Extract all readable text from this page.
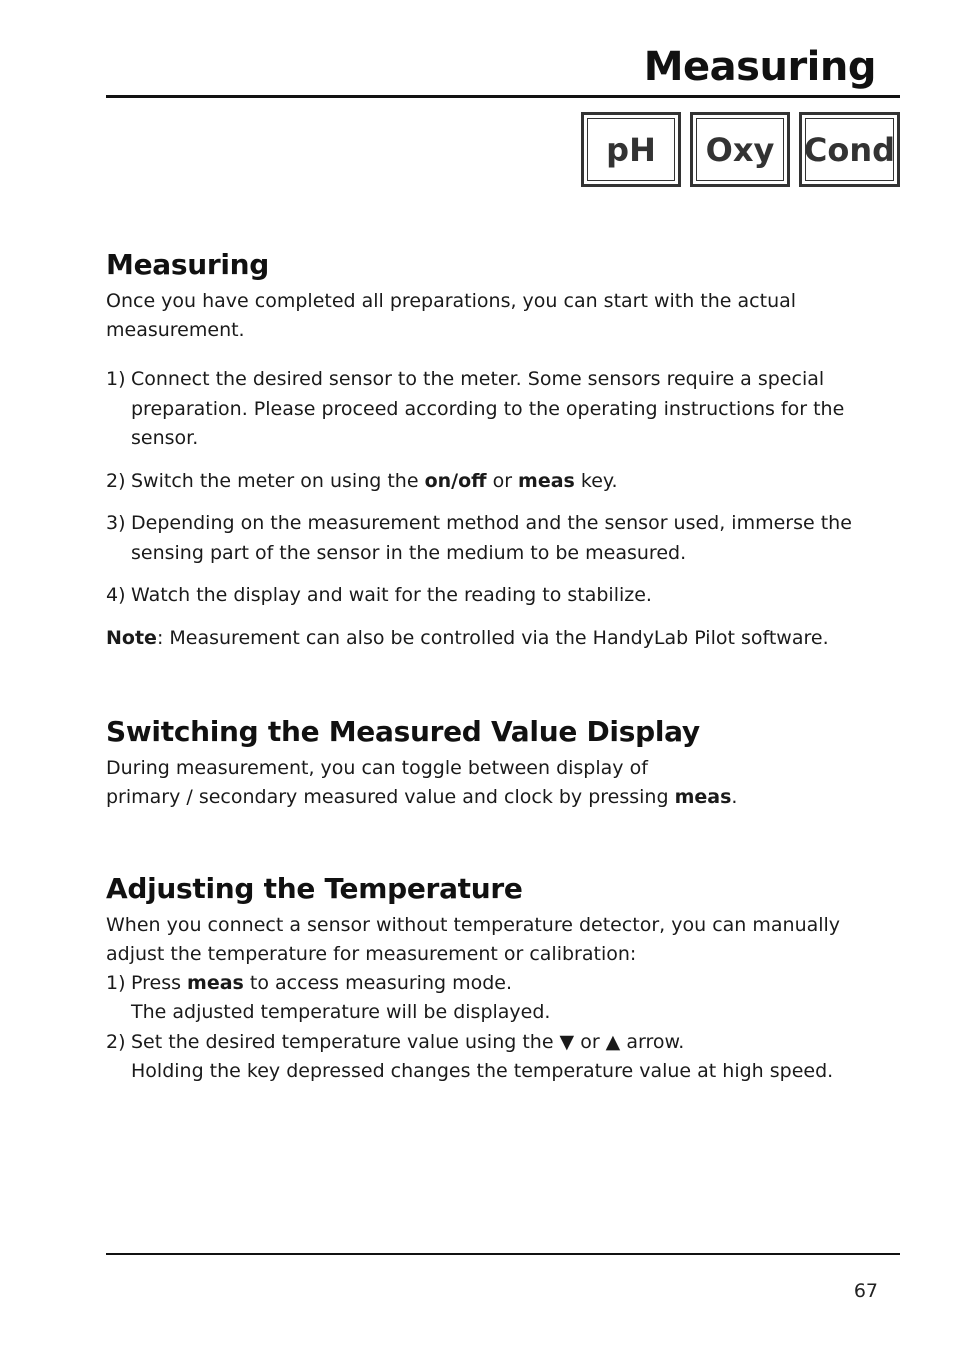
Measuring
pH	Oxy Cond
Measuring

Once you have completed all preparations, you can start with the actual measurement.

1) Connect the desired sensor to the meter. Some sensors require a special preparation. Please proceed according to the operating instructions for the sensor.
2) Switch the meter on using the on/off or meas key.
3) Depending on the measurement method and the sensor used, immerse the sensing part of the sensor in the medium to be measured.
4) Watch the display and wait for the reading to stabilize.

Note: Measurement can also be controlled via the HandyLab Pilot software.

Switching the Measured Value Display

During measurement, you can toggle between display of
primary / secondary measured value and clock by pressing meas.

Adjusting the Temperature

When you connect a sensor without temperature detector, you can manually adjust the temperature for measurement or calibration:

1) Press meas to access measuring mode.
The adjusted temperature will be displayed.
2) Set the desired temperature value using the ▼ or ▲ arrow.
Holding the key depressed changes the temperature value at high speed.
67
